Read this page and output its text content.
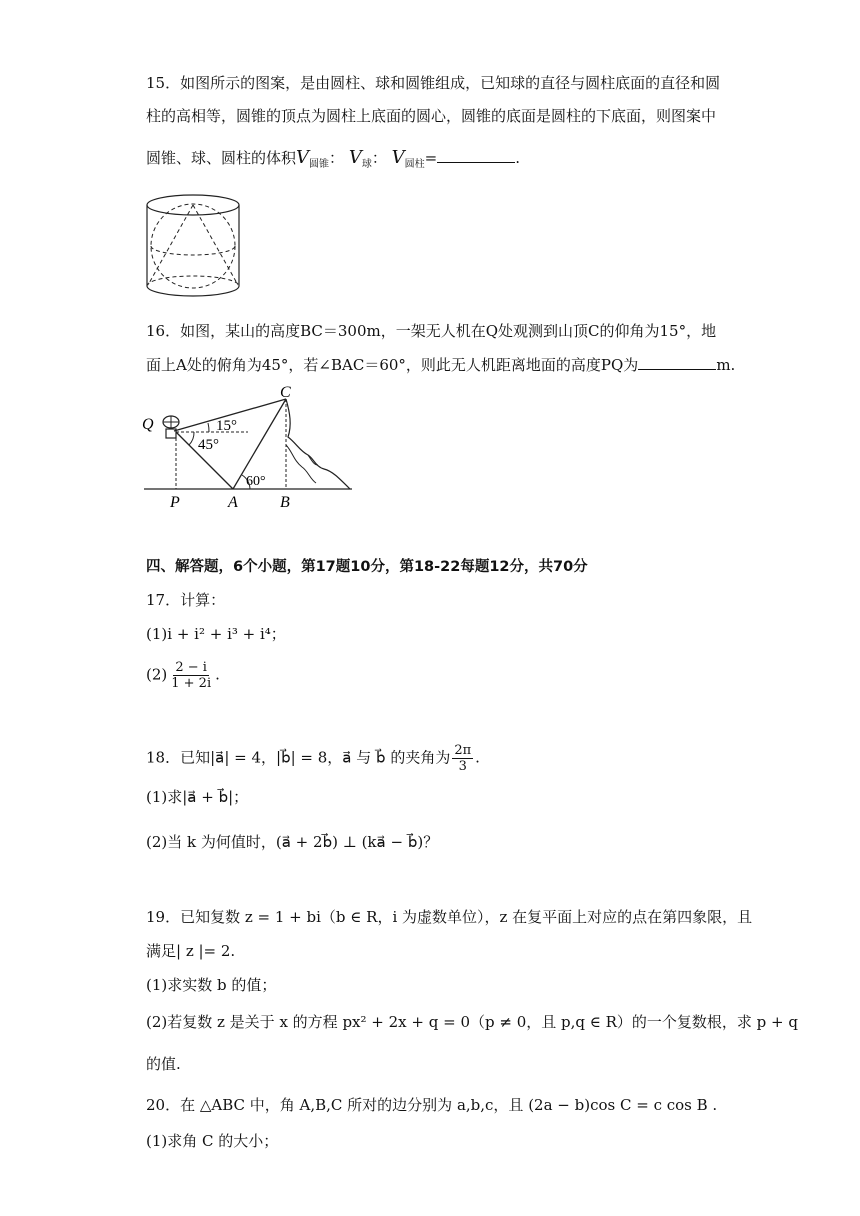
15．如图所示的图案，是由圆柱、球和圆锥组成，已知球的直径与圆柱底面的直径和圆
柱的高相等，圆锥的顶点为圆柱上底面的圆心，圆锥的底面是圆柱的下底面，则图案中
圆锥、球、圆柱的体积$V_{圆锥}$： $V_球$： $V_{圆柱}=$	.
16．如图，某山的高度BC＝300m，一架无人机在Q处观测到山顶C的仰角为15°，地
面上A处的俯角为45°，若∠BAC＝60°，则此无人机距离地面的高度PQ为	m.
Q
C
P	A	B
15°
45°
60°
四、解答题，6个小题，第17题10分，第18-22每题12分，共70分
17．计算：
(1)i + i² + i³ + i⁴；
$(2) \frac{2 - i}{1 + 2i}$ .
18．已知|a⃗| = 4，|b⃗| = 8，a⃗ 与 b⃗ 的夹角为 $\frac{2\pi}{3}$ .
(1)求|a⃗ + b⃗|；
(2)当 k 为何值时，(a⃗ + 2b⃗) ⊥ (ka⃗ − b⃗)？
19．已知复数 z = 1 + bi（b ∈ R，i 为虚数单位），z 在复平面上对应的点在第四象限，且
满足| z |= 2.
(1)求实数 b 的值；
(2)若复数 z 是关于 x 的方程 px² + 2x + q = 0（p ≠ 0，且 p,q ∈ R）的一个复数根，求 p + q
的值.
20．在 △ABC 中，角 A,B,C 所对的边分别为 a,b,c，且 (2a − b)cos C = c cos B .
(1)求角 C 的大小；
